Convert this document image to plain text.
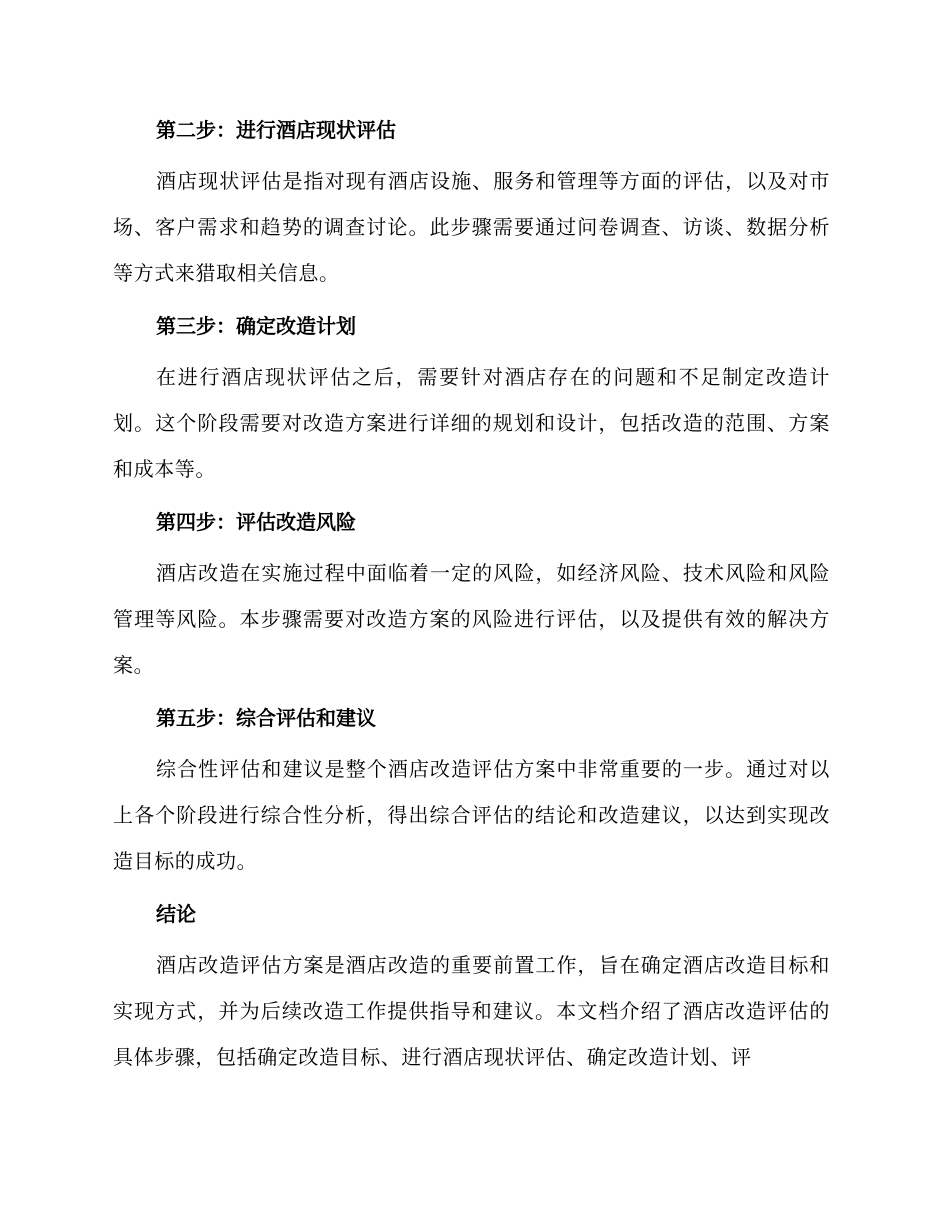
第二步：进行酒店现状评估

酒店现状评估是指对现有酒店设施、服务和管理等方面的评估，以及对市场、客户需求和趋势的调查讨论。此步骤需要通过问卷调查、访谈、数据分析等方式来猎取相关信息。

第三步：确定改造计划

在进行酒店现状评估之后，需要针对酒店存在的问题和不足制定改造计划。这个阶段需要对改造方案进行详细的规划和设计，包括改造的范围、方案和成本等。

第四步：评估改造风险

酒店改造在实施过程中面临着一定的风险，如经济风险、技术风险和风险管理等风险。本步骤需要对改造方案的风险进行评估，以及提供有效的解决方案。

第五步：综合评估和建议

综合性评估和建议是整个酒店改造评估方案中非常重要的一步。通过对以上各个阶段进行综合性分析，得出综合评估的结论和改造建议，以达到实现改造目标的成功。

结论

酒店改造评估方案是酒店改造的重要前置工作，旨在确定酒店改造目标和实现方式，并为后续改造工作提供指导和建议。本文档介绍了酒店改造评估的具体步骤，包括确定改造目标、进行酒店现状评估、确定改造计划、评
